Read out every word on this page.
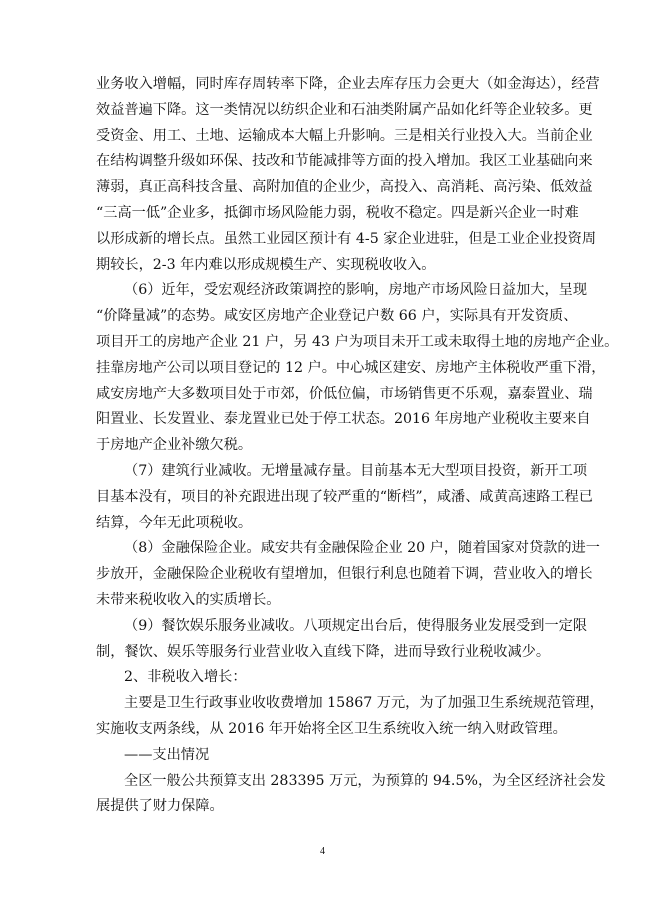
业务收入增幅，同时库存周转率下降，企业去库存压力会更大（如金海达），经营
效益普遍下降。这一类情况以纺织企业和石油类附属产品如化纤等企业较多。更
受资金、用工、土地、运输成本大幅上升影响。三是相关行业投入大。当前企业
在结构调整升级如环保、技改和节能减排等方面的投入增加。我区工业基础向来
薄弱，真正高科技含量、高附加值的企业少，高投入、高消耗、高污染、低效益
“三高一低”企业多，抵御市场风险能力弱，税收不稳定。四是新兴企业一时难
以形成新的增长点。虽然工业园区预计有 4-5 家企业进驻，但是工业企业投资周
期较长，2-3 年内难以形成规模生产、实现税收收入。
（6）近年，受宏观经济政策调控的影响，房地产市场风险日益加大，呈现
“价降量减”的态势。咸安区房地产企业登记户数 66 户，实际具有开发资质、
项目开工的房地产企业 21 户，另 43 户为项目未开工或未取得土地的房地产企业。
挂靠房地产公司以项目登记的 12 户。中心城区建安、房地产主体税收严重下滑，
咸安房地产大多数项目处于市郊，价低位偏，市场销售更不乐观，嘉泰置业、瑞
阳置业、长发置业、泰龙置业已处于停工状态。2016 年房地产业税收主要来自
于房地产企业补缴欠税。
（7）建筑行业减收。无增量减存量。目前基本无大型项目投资，新开工项
目基本没有，项目的补充跟进出现了较严重的“断档”，咸潘、咸黄高速路工程已
结算，今年无此项税收。
（8）金融保险企业。咸安共有金融保险企业 20 户，随着国家对贷款的进一
步放开，金融保险企业税收有望增加，但银行利息也随着下调，营业收入的增长
未带来税收收入的实质增长。
（9）餐饮娱乐服务业减收。八项规定出台后，使得服务业发展受到一定限
制，餐饮、娱乐等服务行业营业收入直线下降，进而导致行业税收减少。
2、非税收入增长：
主要是卫生行政事业收收费增加 15867 万元，为了加强卫生系统规范管理，
实施收支两条线，从 2016 年开始将全区卫生系统收入统一纳入财政管理。
——支出情况
全区一般公共预算支出 283395 万元，为预算的 94.5%，为全区经济社会发
展提供了财力保障。
4
